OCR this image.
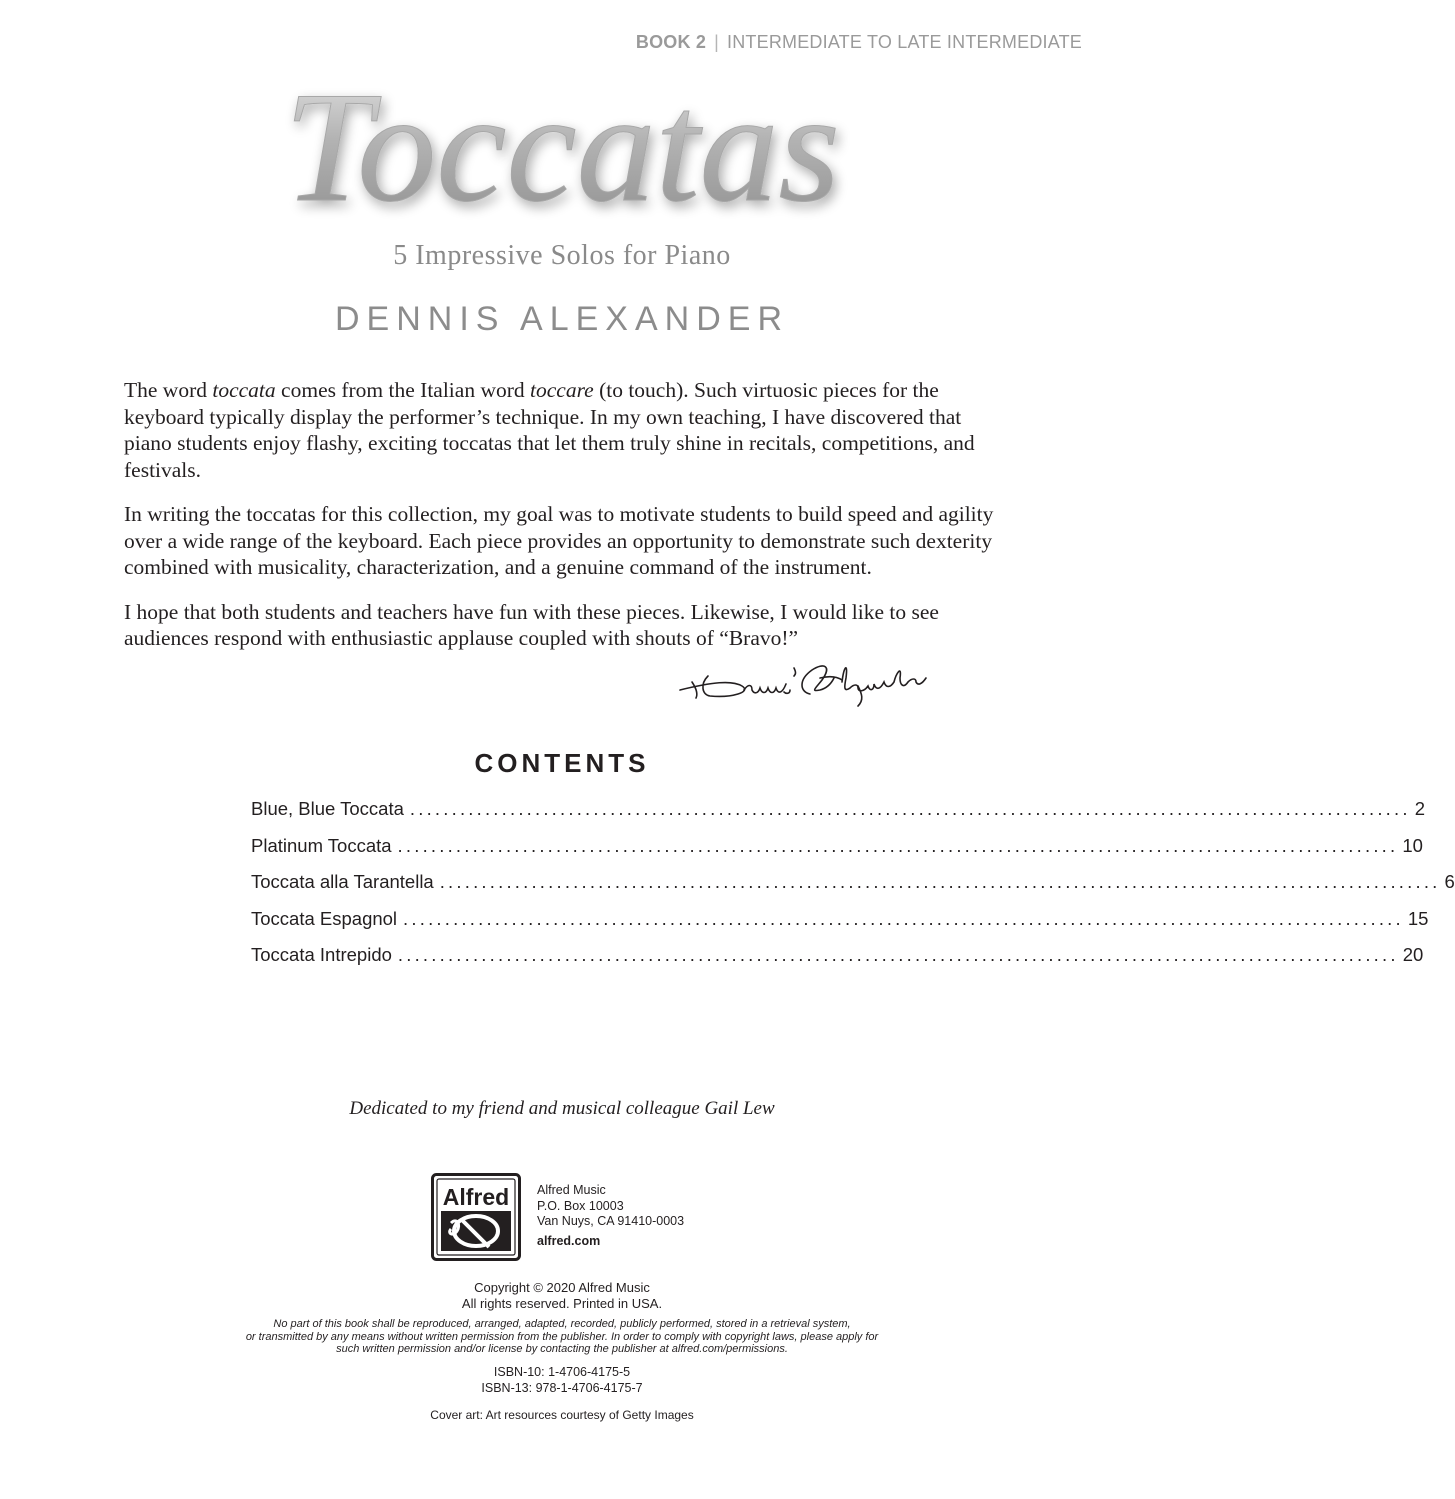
BOOK 2 | INTERMEDIATE TO LATE INTERMEDIATE
Toccatas
5 Impressive Solos for Piano
DENNIS ALEXANDER

The word toccata comes from the Italian word toccare (to touch). Such virtuosic pieces for the keyboard typically display the performer’s technique. In my own teaching, I have discovered that piano students enjoy flashy, exciting toccatas that let them truly shine in recitals, competitions, and festivals.

In writing the toccatas for this collection, my goal was to motivate students to build speed and agility over a wide range of the keyboard. Each piece provides an opportunity to demonstrate such dexterity combined with musicality, characterization, and a genuine command of the instrument.

I hope that both students and teachers have fun with these pieces. Likewise, I would like to see audiences respond with enthusiastic applause coupled with shouts of “Bravo!”

CONTENTS
Blue, Blue Toccata ........................................................................................................................ 2
Platinum Toccata ........................................................................................................................ 10
Toccata alla Tarantella ........................................................................................................................ 6
Toccata Espagnol ........................................................................................................................ 15
Toccata Intrepido ........................................................................................................................ 20
Dedicated to my friend and musical colleague Gail Lew
Alfred Alfred Music
P.O. Box 10003
Van Nuys, CA 91410-0003
alfred.com
Copyright © 2020 Alfred Music
All rights reserved. Printed in USA.
No part of this book shall be reproduced, arranged, adapted, recorded, publicly performed, stored in a retrieval system,
or transmitted by any means without written permission from the publisher. In order to comply with copyright laws, please apply for
such written permission and/or license by contacting the publisher at alfred.com/permissions.
ISBN-10: 1-4706-4175-5
ISBN-13: 978-1-4706-4175-7
Cover art: Art resources courtesy of Getty Images
